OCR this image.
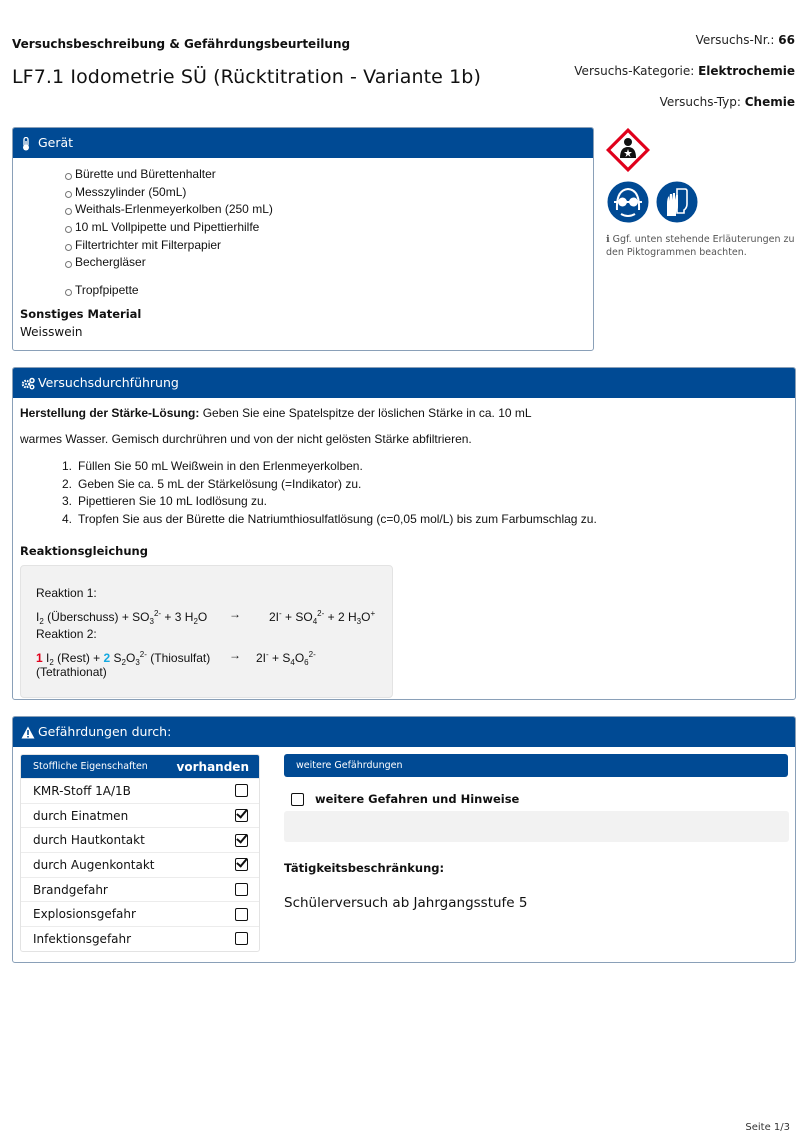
Versuchsbeschreibung & Gefährdungsbeurteilung
LF7.1 Iodometrie SÜ (Rücktitration - Variante 1b)
Versuchs-Nr.: 66
Versuchs-Kategorie: Elektrochemie
Versuchs-Typ: Chemie
Gerät
Bürette und Bürettenhalter
Messzylinder (50mL)
Weithals-Erlenmeyerkolben (250 mL)
10 mL Vollpipette und Pipettierhilfe
Filtertrichter mit Filterpapier
Bechergläser
Tropfpipette
Sonstiges Material
Weisswein
ℹ︎ Ggf. unten stehende Erläuterungen zu den Piktogrammen beachten.
Versuchsdurchführung
Herstellung der Stärke-Lösung: Geben Sie eine Spatelspitze der löslichen Stärke in ca. 10 mL
warmes Wasser. Gemisch durchrühren und von der nicht gelösten Stärke abfiltrieren.
1. Füllen Sie 50 mL Weißwein in den Erlenmeyerkolben.
2. Geben Sie ca. 5 mL der Stärkelösung (=Indikator) zu.
3. Pipettieren Sie 10 mL Iodlösung zu.
4. Tropfen Sie aus der Bürette die Natriumthiosulfatlösung (c=0,05 mol/L) bis zum Farbumschlag zu.
Reaktionsgleichung
Reaktion 1:
$I_2$ (Überschuss) + $SO_3^{2-} + 3$ $H_2O \to 2I^- + SO_4^{2-} + 2$ $H_3O^+$
Reaktion 2:
1 $I_2$ (Rest) + 2 $S_2O_3^{2-}$ (Thiosulfat) → $2I^- + S_4O_6^{2-}$
(Tetrathionat)
Gefährdungen durch:
Stoffliche Eigenschaften vorhanden
KMR-Stoff 1A/1B
durch Einatmen
durch Hautkontakt
durch Augenkontakt
Brandgefahr
Explosionsgefahr
Infektionsgefahr
weitere Gefährdungen
weitere Gefahren und Hinweise
Tätigkeitsbeschränkung:
Schülerversuch ab Jahrgangsstufe 5
Seite 1/3
